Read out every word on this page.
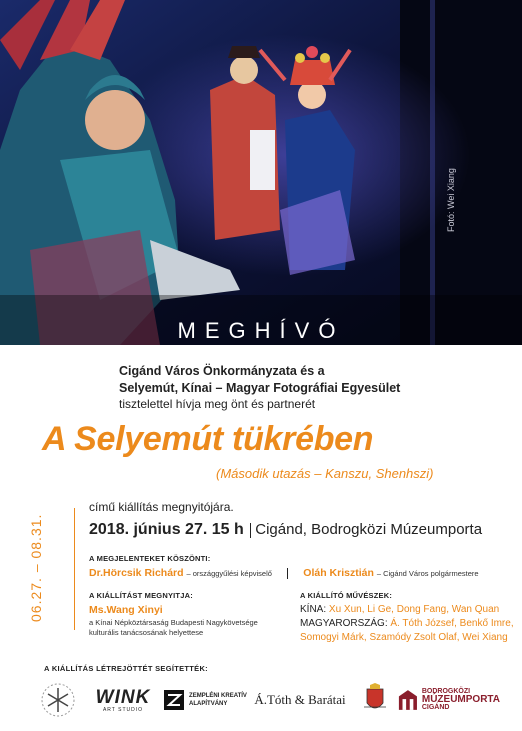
Fotó: Wei Xiang
MEGHÍVÓ
Cigánd Város Önkormányzata és a
Selyemút, Kínai – Magyar Fotográfiai Egyesület
tisztelettel hívja meg önt és partnerét
A Selyemút tükrében
(Második utazás – Kanszu, Shenhszi)
06.27. – 08.31.
című kiállítás megnyitójára.
2018. június 27. 15 h Cigánd, Bodrogközi Múzeumporta
A MEGJELENTEKET KÖSZÖNTI:
Dr.Hörcsik Richárd – országgyűlési képviselő	Oláh Krisztián – Cigánd Város polgármestere
A KIÁLLÍTÁST MEGNYITJA:
Ms.Wang Xinyi
a Kínai Népköztársaság Budapesti Nagykövetsége kulturális tanácsosának helyettese
A KIÁLLÍTÓ MŰVÉSZEK:
KÍNA: Xu Xun, Li Ge, Dong Fang, Wan Quan
MAGYARORSZÁG: Á. Tóth József, Benkő Imre,
Somogyi Márk, Szamódy Zsolt Olaf, Wei Xiang
A KIÁLLÍTÁS LÉTREJÖTTÉT SEGÍTETTÉK:
WINK
ART STUDIO
ZEMPLÉNI KREATÍV
ALAPÍTVÁNY	Á.Tóth & Barátai
BODROGKÖZI
MÚZEUMPORTA
CIGÁND
